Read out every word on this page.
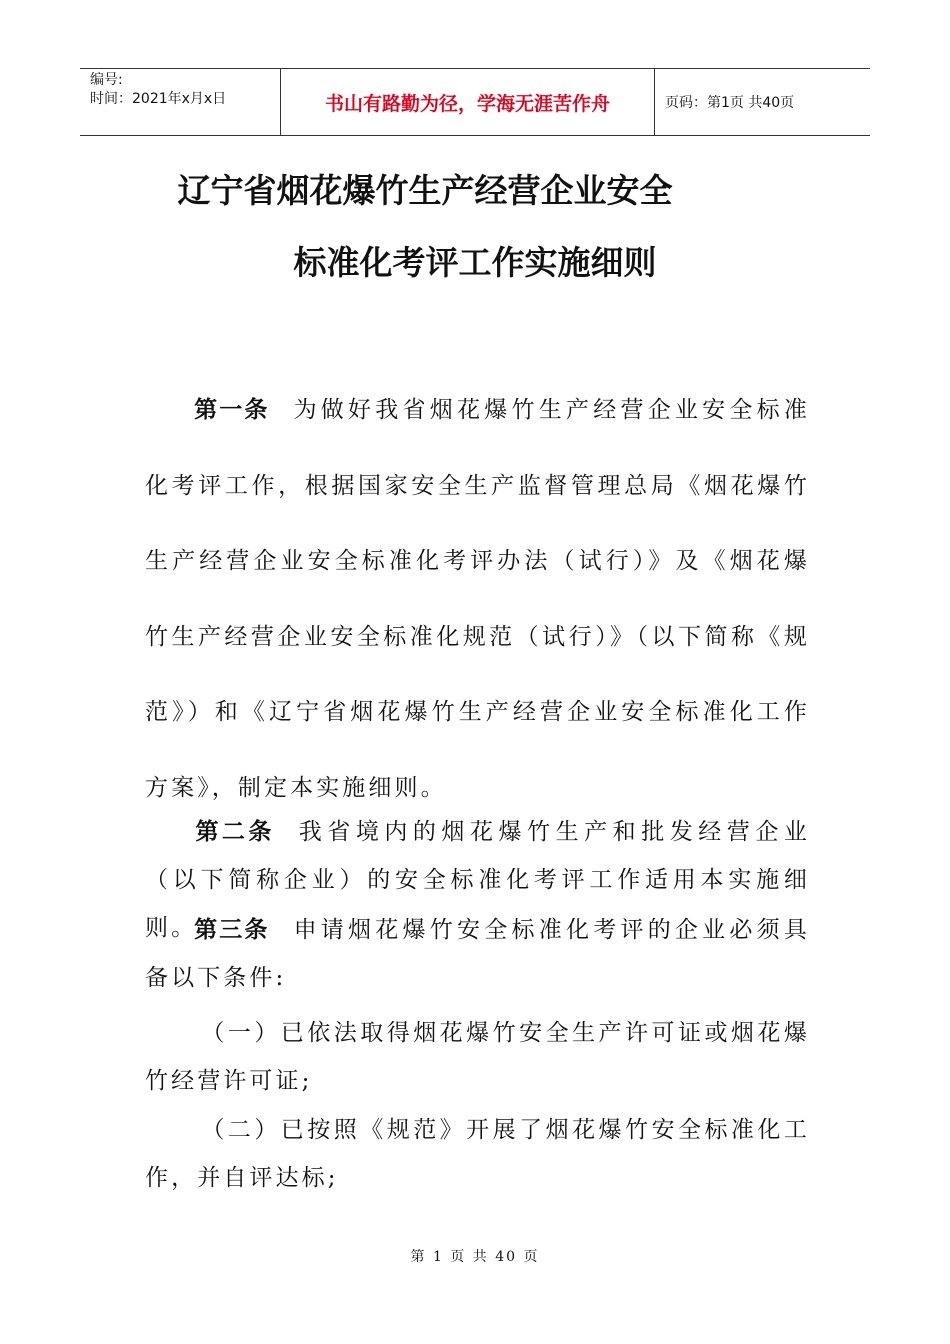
编号:
时间：2021年x月x日	书山有路勤为径，学海无涯苦作舟	页码：第1页 共40页
辽宁省烟花爆竹生产经营企业安全
标准化考评工作实施细则
第一条 为做好我省烟花爆竹生产经营企业安全标准化考评工作，根据国家安全生产监督管理总局《烟花爆竹生产经营企业安全标准化考评办法（试行）》及《烟花爆竹生产经营企业安全标准化规范（试行）》（以下简称《规范》）和《辽宁省烟花爆竹生产经营企业安全标准化工作方案》，制定本实施细则。
第二条 我省境内的烟花爆竹生产和批发经营企业（以下简称企业）的安全标准化考评工作适用本实施细则。
第三条 申请烟花爆竹安全标准化考评的企业必须具备以下条件:
（一）已依法取得烟花爆竹安全生产许可证或烟花爆竹经营许可证;
（二）已按照《规范》开展了烟花爆竹安全标准化工作，并自评达标;
第 1 页 共 40 页
